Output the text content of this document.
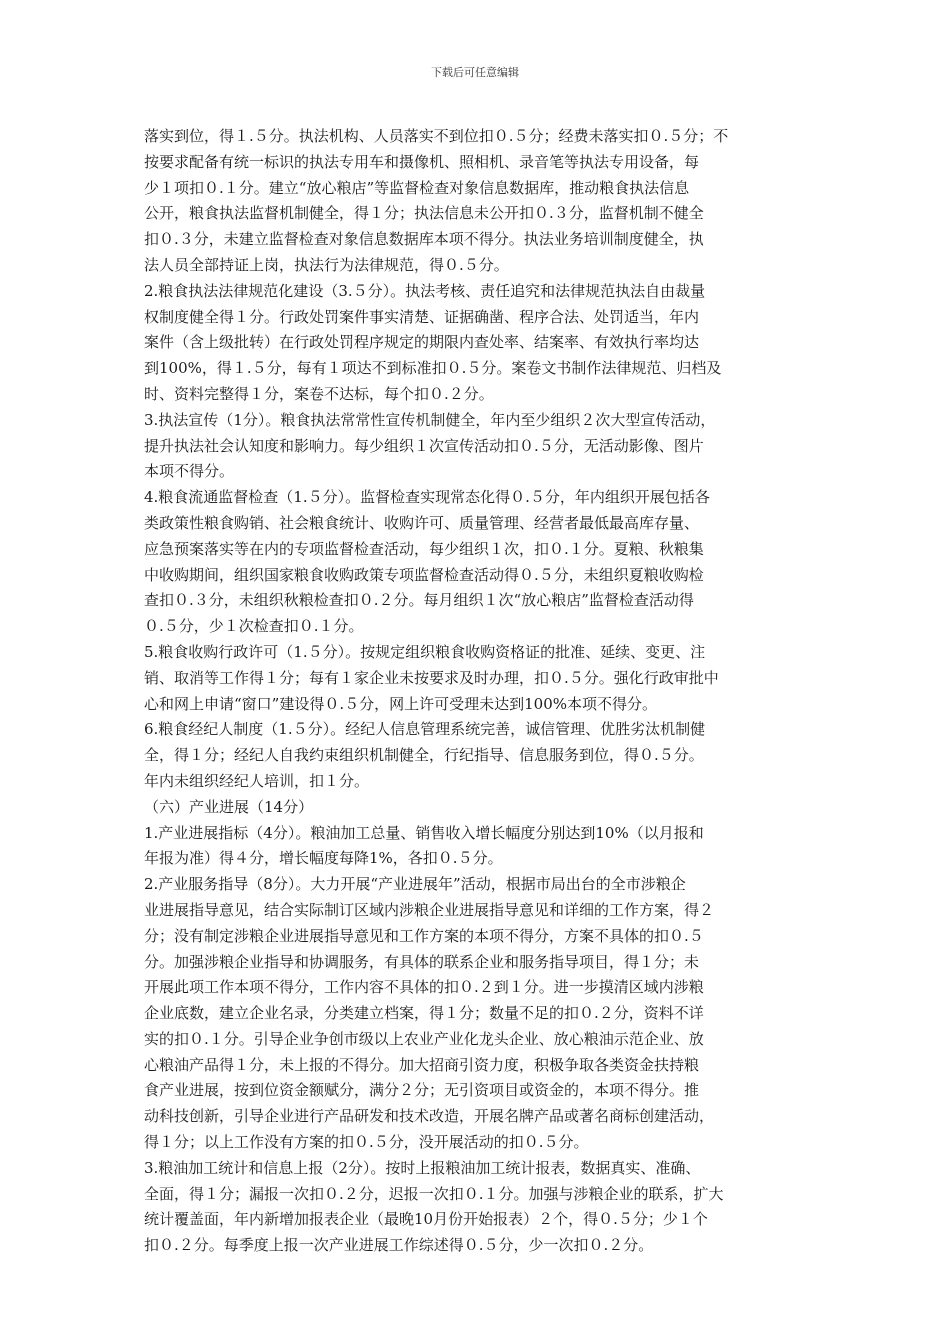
下载后可任意编辑
落实到位，得１.５分。执法机构、人员落实不到位扣０.５分；经费未落实扣０.５分；不
按要求配备有统一标识的执法专用车和摄像机、照相机、录音笔等执法专用设备，每
少１项扣０.１分。建立“放心粮店”等监督检查对象信息数据库，推动粮食执法信息
公开，粮食执法监督机制健全，得１分；执法信息未公开扣０.３分，监督机制不健全
扣０.３分，未建立监督检查对象信息数据库本项不得分。执法业务培训制度健全，执
法人员全部持证上岗，执法行为法律规范，得０.５分。
2.粮食执法法律规范化建设（3.５分）。执法考核、责任追究和法律规范执法自由裁量
权制度健全得１分。行政处罚案件事实清楚、证据确凿、程序合法、处罚适当，年内
案件（含上级批转）在行政处罚程序规定的期限内查处率、结案率、有效执行率均达
到100%，得１.５分，每有１项达不到标准扣０.５分。案卷文书制作法律规范、归档及
时、资料完整得１分，案卷不达标，每个扣０.２分。
3.执法宣传（1分）。粮食执法常常性宣传机制健全，年内至少组织２次大型宣传活动，
提升执法社会认知度和影响力。每少组织１次宣传活动扣０.５分，无活动影像、图片
本项不得分。
4.粮食流通监督检查（1.５分）。监督检查实现常态化得０.５分，年内组织开展包括各
类政策性粮食购销、社会粮食统计、收购许可、质量管理、经营者最低最高库存量、
应急预案落实等在内的专项监督检查活动，每少组织１次，扣０.１分。夏粮、秋粮集
中收购期间，组织国家粮食收购政策专项监督检查活动得０.５分，未组织夏粮收购检
查扣０.３分，未组织秋粮检查扣０.２分。每月组织１次“放心粮店”监督检查活动得
０.５分，少１次检查扣０.１分。
5.粮食收购行政许可（1.５分）。按规定组织粮食收购资格证的批准、延续、变更、注
销、取消等工作得１分；每有１家企业未按要求及时办理，扣０.５分。强化行政审批中
心和网上申请“窗口”建设得０.５分，网上许可受理未达到100%本项不得分。
6.粮食经纪人制度（1.５分）。经纪人信息管理系统完善，诚信管理、优胜劣汰机制健
全，得１分；经纪人自我约束组织机制健全，行纪指导、信息服务到位，得０.５分。
年内未组织经纪人培训，扣１分。
（六）产业进展（14分）
1.产业进展指标（4分）。粮油加工总量、销售收入增长幅度分别达到10%（以月报和
年报为准）得４分，增长幅度每降1%，各扣０.５分。
2.产业服务指导（8分）。大力开展“产业进展年”活动，根据市局出台的全市涉粮企
业进展指导意见，结合实际制订区域内涉粮企业进展指导意见和详细的工作方案，得２
分；没有制定涉粮企业进展指导意见和工作方案的本项不得分，方案不具体的扣０.５
分。加强涉粮企业指导和协调服务，有具体的联系企业和服务指导项目，得１分；未
开展此项工作本项不得分，工作内容不具体的扣０.２到１分。进一步摸清区域内涉粮
企业底数，建立企业名录，分类建立档案，得１分；数量不足的扣０.２分，资料不详
实的扣０.１分。引导企业争创市级以上农业产业化龙头企业、放心粮油示范企业、放
心粮油产品得１分，未上报的不得分。加大招商引资力度，积极争取各类资金扶持粮
食产业进展，按到位资金额赋分，满分２分；无引资项目或资金的，本项不得分。推
动科技创新，引导企业进行产品研发和技术改造，开展名牌产品或著名商标创建活动，
得１分；以上工作没有方案的扣０.５分，没开展活动的扣０.５分。
3.粮油加工统计和信息上报（2分）。按时上报粮油加工统计报表，数据真实、准确、
全面，得１分；漏报一次扣０.２分，迟报一次扣０.１分。加强与涉粮企业的联系，扩大
统计覆盖面，年内新增加报表企业（最晚10月份开始报表）２个，得０.５分；少１个
扣０.２分。每季度上报一次产业进展工作综述得０.５分，少一次扣０.２分。
